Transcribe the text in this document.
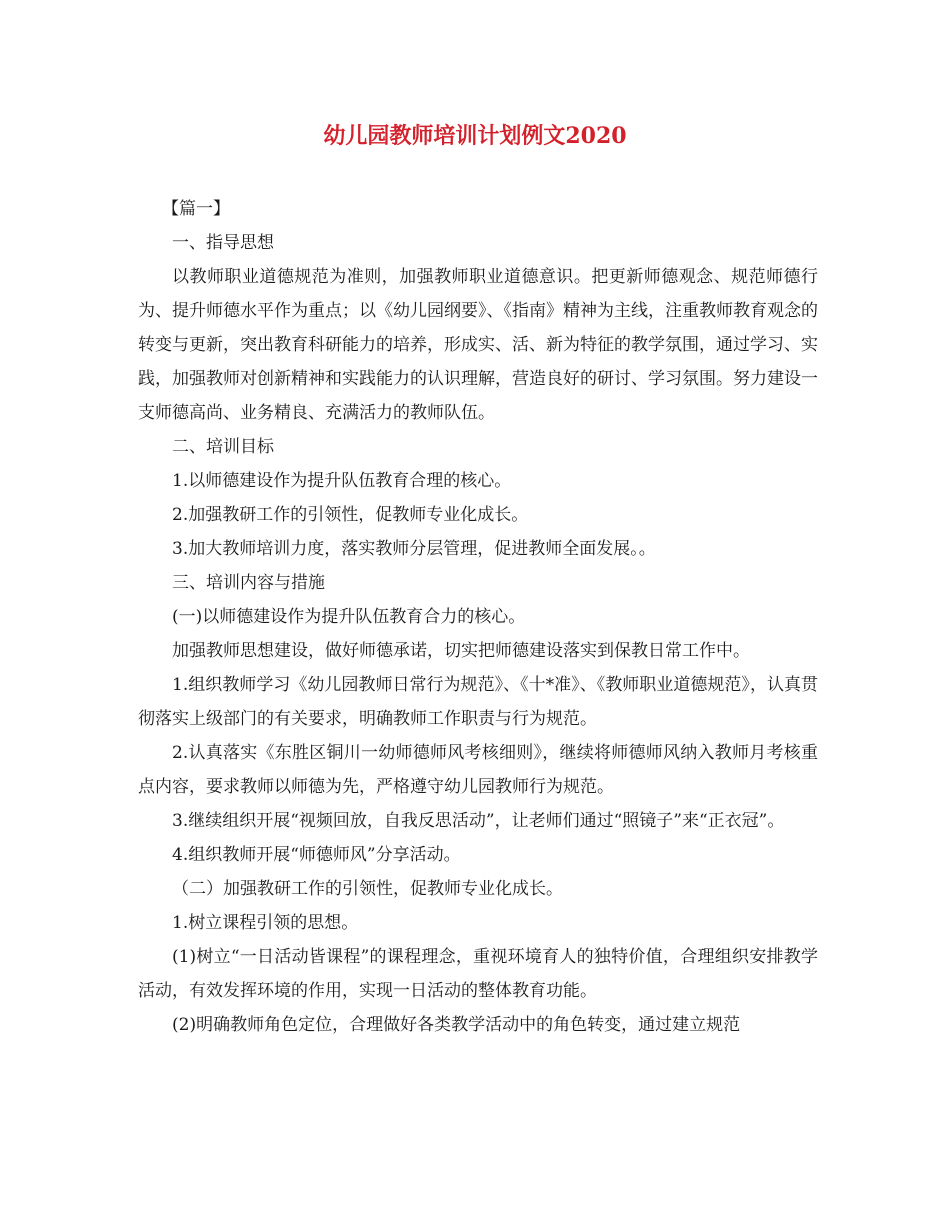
幼儿园教师培训计划例文2020

【篇一】

一、指导思想

以教师职业道德规范为准则，加强教师职业道德意识。把更新师德观念、规范师德行为、提升师德水平作为重点；以《幼儿园纲要》、《指南》精神为主线，注重教师教育观念的转变与更新，突出教育科研能力的培养，形成实、活、新为特征的教学氛围，通过学习、实践，加强教师对创新精神和实践能力的认识理解，营造良好的研讨、学习氛围。努力建设一支师德高尚、业务精良、充满活力的教师队伍。

二、培训目标

1.以师德建设作为提升队伍教育合理的核心。

2.加强教研工作的引领性，促教师专业化成长。

3.加大教师培训力度，落实教师分层管理，促进教师全面发展。。

三、培训内容与措施

(一)以师德建设作为提升队伍教育合力的核心。

加强教师思想建设，做好师德承诺，切实把师德建设落实到保教日常工作中。

1.组织教师学习《幼儿园教师日常行为规范》、《十*准》、《教师职业道德规范》，认真贯彻落实上级部门的有关要求，明确教师工作职责与行为规范。

2.认真落实《东胜区铜川一幼师德师风考核细则》，继续将师德师风纳入教师月考核重点内容，要求教师以师德为先，严格遵守幼儿园教师行为规范。

3.继续组织开展“视频回放，自我反思活动”，让老师们通过“照镜子”来“正衣冠”。

4.组织教师开展“师德师风”分享活动。

（二）加强教研工作的引领性，促教师专业化成长。

1.树立课程引领的思想。

(1)树立“一日活动皆课程”的课程理念，重视环境育人的独特价值，合理组织安排教学活动，有效发挥环境的作用，实现一日活动的整体教育功能。

(2)明确教师角色定位，合理做好各类教学活动中的角色转变，通过建立规范
